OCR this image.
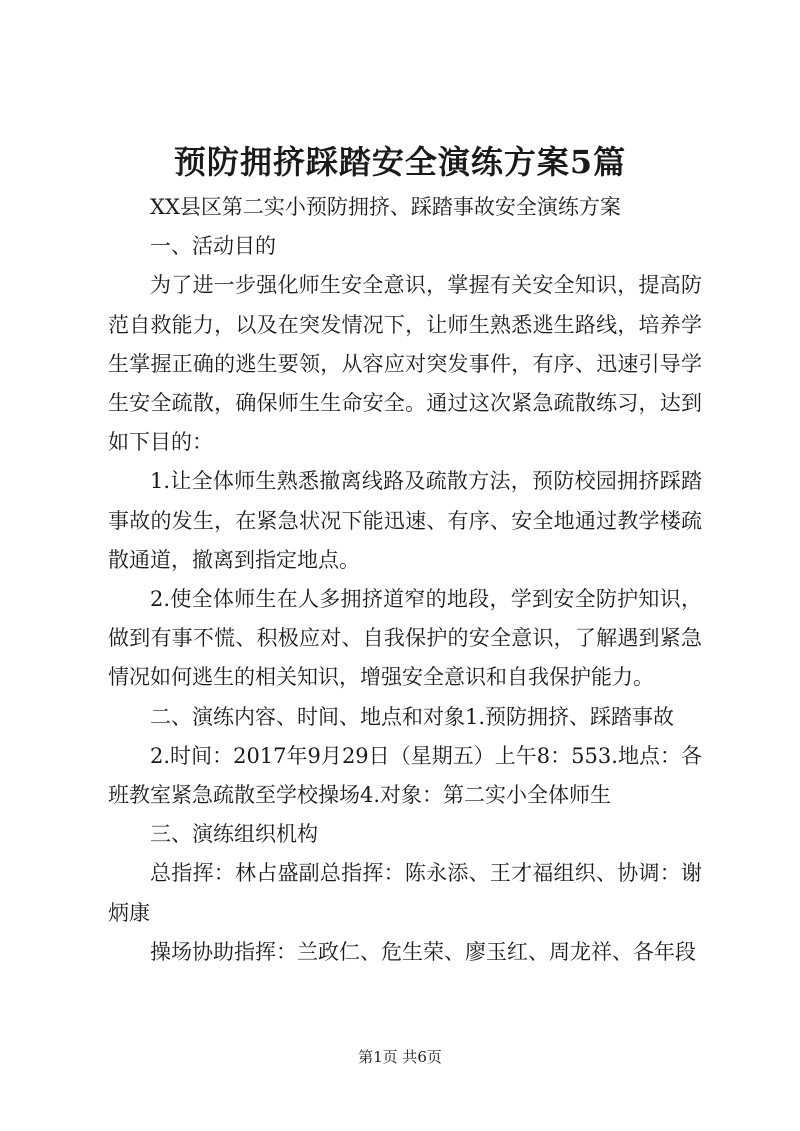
预防拥挤踩踏安全演练方案5篇

XX县区第二实小预防拥挤、踩踏事故安全演练方案

一、活动目的

为了进一步强化师生安全意识，掌握有关安全知识，提高防范自救能力，以及在突发情况下，让师生熟悉逃生路线，培养学生掌握正确的逃生要领，从容应对突发事件，有序、迅速引导学生安全疏散，确保师生生命安全。通过这次紧急疏散练习，达到如下目的：

1.让全体师生熟悉撤离线路及疏散方法，预防校园拥挤踩踏事故的发生，在紧急状况下能迅速、有序、安全地通过教学楼疏散通道，撤离到指定地点。

2.使全体师生在人多拥挤道窄的地段，学到安全防护知识，做到有事不慌、积极应对、自我保护的安全意识，了解遇到紧急情况如何逃生的相关知识，增强安全意识和自我保护能力。

二、演练内容、时间、地点和对象1.预防拥挤、踩踏事故

2.时间：2017年9月29日（星期五）上午8：553.地点：各班教室紧急疏散至学校操场4.对象：第二实小全体师生

三、演练组织机构

总指挥：林占盛副总指挥：陈永添、王才福组织、协调：谢炳康

操场协助指挥：兰政仁、危生荣、廖玉红、周龙祥、各年段

第1页 共6页
